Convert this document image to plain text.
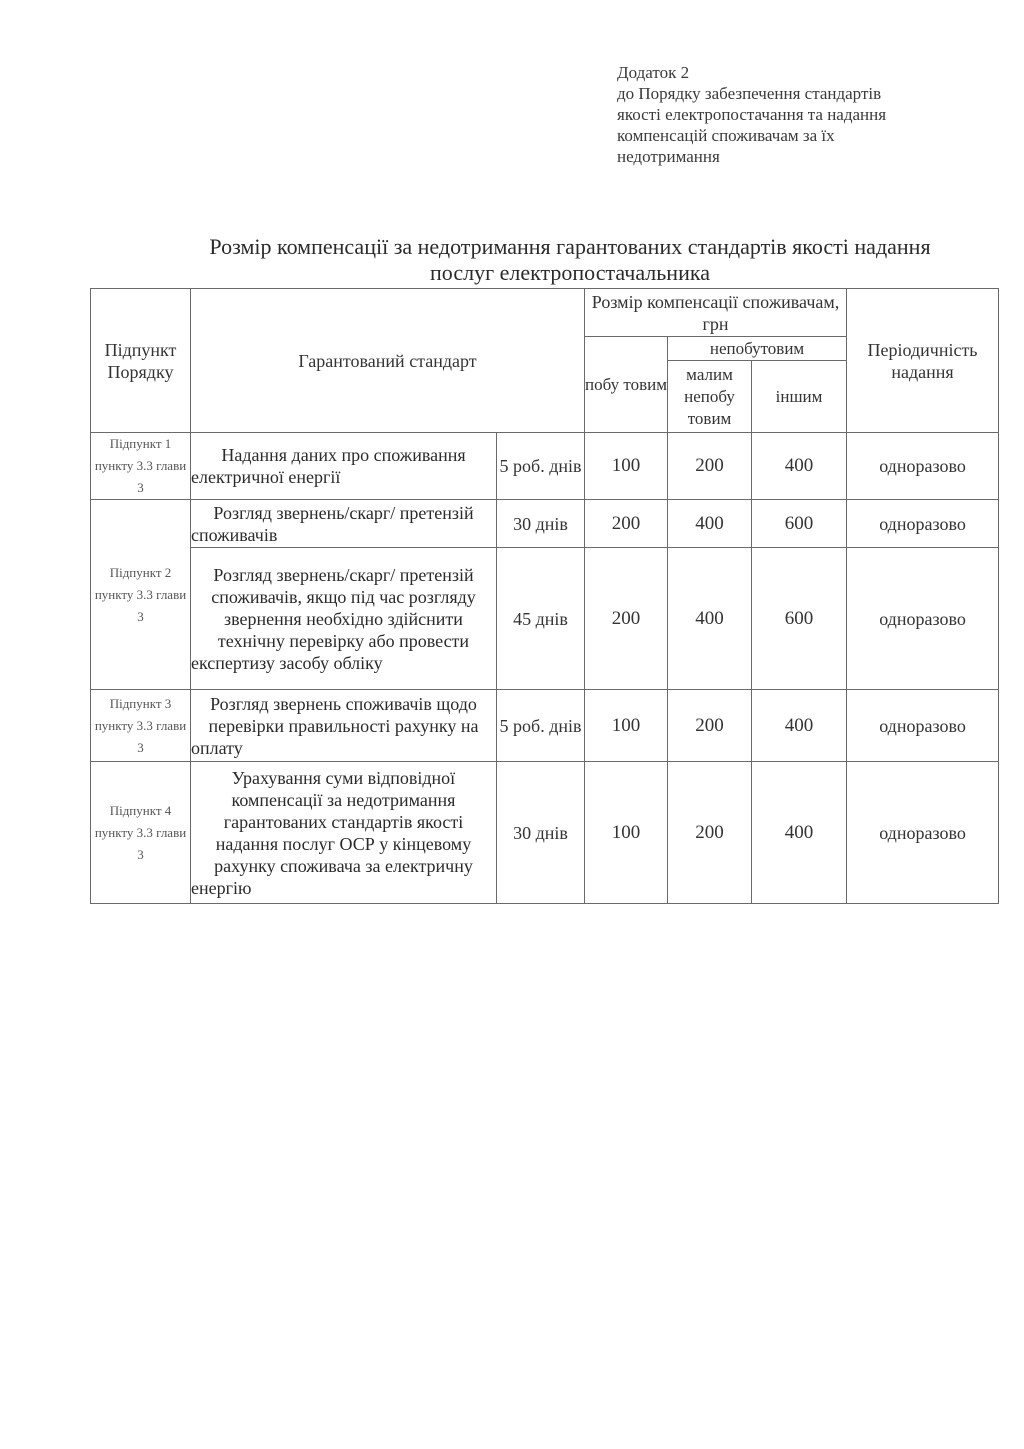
Додаток 2
до Порядку забезпечення стандартів
якості електропостачання та надання
компенсацій споживачам за їх
недотримання
Розмір компенсації за недотримання гарантованих стандартів якості надання
послуг електропостачальника
Підпункт Порядку	Гарантований стандарт		Розмір компенсації споживачам, грн			Періодичність надання
			побу товим	непобутовим		
				малим непобу товим	іншим	
Підпункт 1 пункту 3.3 глави 3	Надання даних про споживання електричної енергії	5 роб. днів	100	200	400	одноразово
Підпункт 2 пункту 3.3 глави 3	Розгляд звернень/скарг/ претензій споживачів	30 днів	200	400	600	одноразово
	Розгляд звернень/скарг/ претензій споживачів, якщо під час розгляду звернення необхідно здійснити технічну перевірку або провести експертизу засобу обліку	45 днів	200	400	600	одноразово
Підпункт 3 пункту 3.3 глави 3	Розгляд звернень споживачів щодо перевірки правильності рахунку на оплату	5 роб. днів	100	200	400	одноразово
Підпункт 4 пункту 3.3 глави 3	Урахування суми відповідної компенсації за недотримання гарантованих стандартів якості надання послуг ОСР у кінцевому рахунку споживача за електричну енергію	30 днів	100	200	400	одноразово
